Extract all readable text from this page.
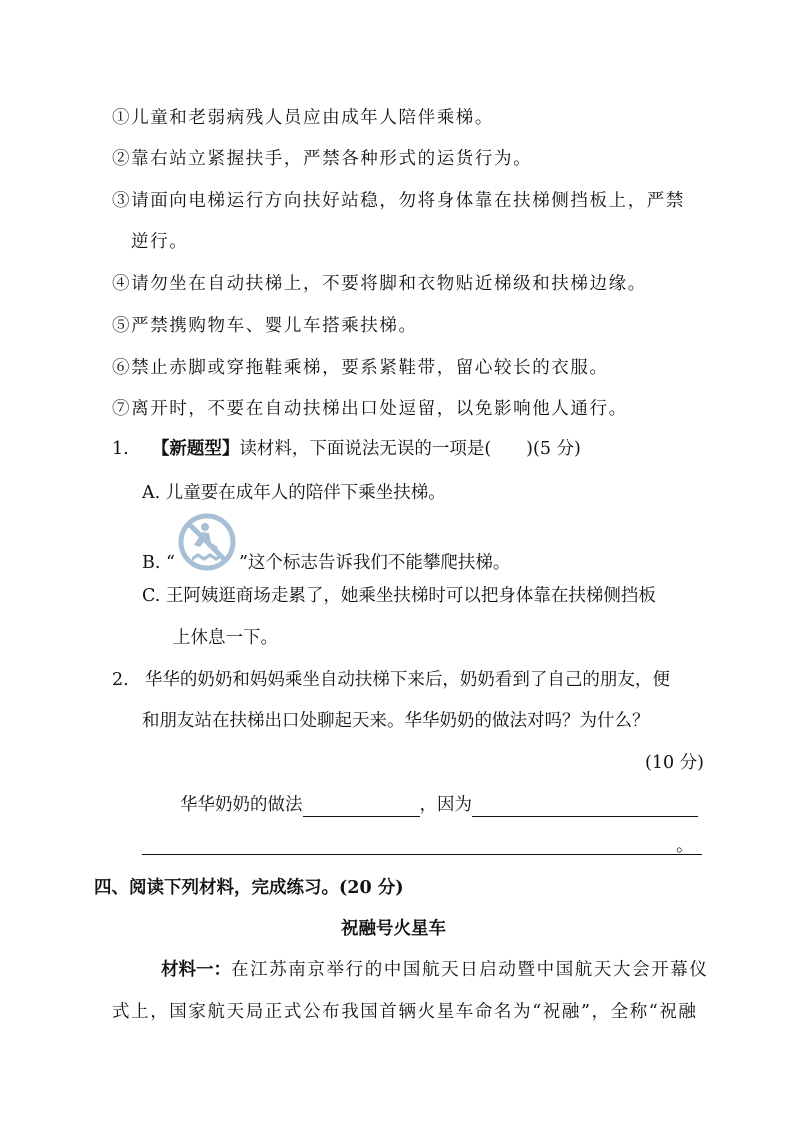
①儿童和老弱病残人员应由成年人陪伴乘梯。
②靠右站立紧握扶手，严禁各种形式的运货行为。
③请面向电梯运行方向扶好站稳，勿将身体靠在扶梯侧挡板上，严禁
逆行。
④请勿坐在自动扶梯上，不要将脚和衣物贴近梯级和扶梯边缘。
⑤严禁携购物车、婴儿车搭乘扶梯。
⑥禁止赤脚或穿拖鞋乘梯，要系紧鞋带，留心较长的衣服。
⑦离开时，不要在自动扶梯出口处逗留，以免影响他人通行。
1. 【新题型】读材料，下面说法无误的一项是(　　)(5 分)
A. 儿童要在成年人的陪伴下乘坐扶梯。
B. “	”这个标志告诉我们不能攀爬扶梯。
C. 王阿姨逛商场走累了，她乘坐扶梯时可以把身体靠在扶梯侧挡板
上休息一下。
2. 华华的奶奶和妈妈乘坐自动扶梯下来后，奶奶看到了自己的朋友，便
和朋友站在扶梯出口处聊起天来。华华奶奶的做法对吗？为什么？
(10 分)
华华奶奶的做法	，因为
。
四、阅读下列材料，完成练习。(20 分)
祝融号火星车
材料一：在江苏南京举行的中国航天日启动暨中国航天大会开幕仪
式上，国家航天局正式公布我国首辆火星车命名为“祝融”，全称“祝融
